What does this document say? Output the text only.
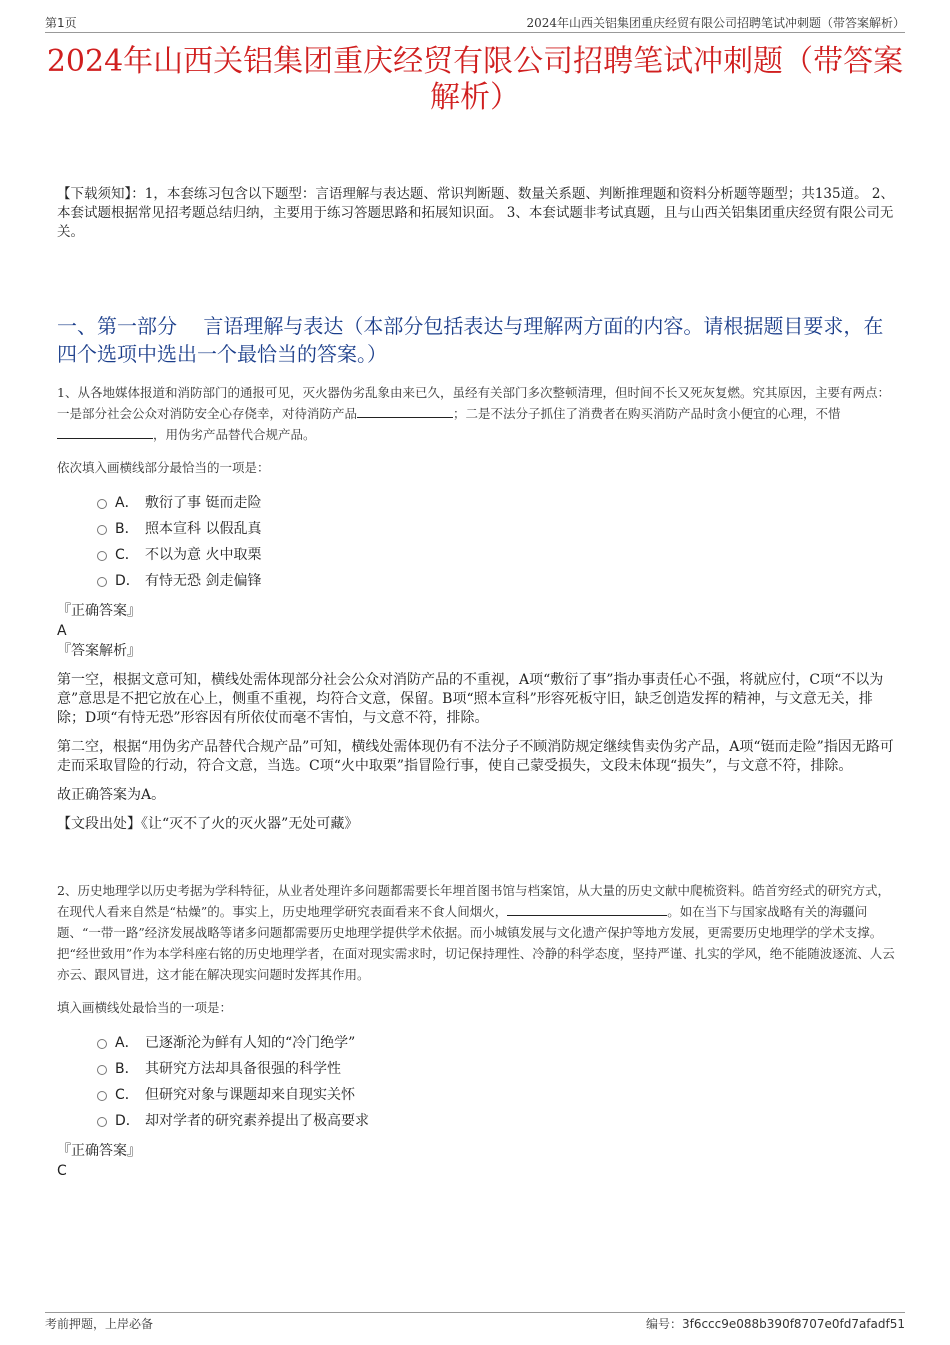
第1页	2024年山西关铝集团重庆经贸有限公司招聘笔试冲刺题（带答案解析）
2024年山西关铝集团重庆经贸有限公司招聘笔试冲刺题（带答案解析）
【下载须知】：1，本套练习包含以下题型：言语理解与表达题、常识判断题、数量关系题、判断推理题和资料分析题等题型；共135道。 2、本套试题根据常见招考题总结归纳，主要用于练习答题思路和拓展知识面。 3、本套试题非考试真题，且与山西关铝集团重庆经贸有限公司无关。
一、第一部分　 言语理解与表达（本部分包括表达与理解两方面的内容。请根据题目要求，在四个选项中选出一个最恰当的答案。）
1、从各地媒体报道和消防部门的通报可见，灭火器伪劣乱象由来已久，虽经有关部门多次整顿清理，但时间不长又死灰复燃。究其原因，主要有两点：一是部分社会公众对消防安全心存侥幸，对待消防产品	；二是不法分子抓住了消费者在购买消防产品时贪小便宜的心理，不惜，用伪劣产品替代合规产品。
依次填入画横线部分最恰当的一项是：
A． 敷衍了事 铤而走险
B． 照本宣科 以假乱真
C． 不以为意 火中取栗
D． 有恃无恐 剑走偏锋
『正确答案』
A
『答案解析』

第一空，根据文意可知，横线处需体现部分社会公众对消防产品的不重视，A项“敷衍了事”指办事责任心不强，将就应付，C项“不以为意”意思是不把它放在心上，侧重不重视，均符合文意，保留。B项“照本宣科”形容死板守旧，缺乏创造发挥的精神，与文意无关，排除；D项“有恃无恐”形容因有所依仗而毫不害怕，与文意不符，排除。

第二空，根据“用伪劣产品替代合规产品”可知，横线处需体现仍有不法分子不顾消防规定继续售卖伪劣产品，A项“铤而走险”指因无路可走而采取冒险的行动，符合文意，当选。C项“火中取栗”指冒险行事，使自己蒙受损失，文段未体现“损失”，与文意不符，排除。

故正确答案为A。

【文段出处】《让“灭不了火的灭火器”无处可藏》

2、历史地理学以历史考据为学科特征，从业者处理许多问题都需要长年埋首图书馆与档案馆，从大量的历史文献中爬梳资料。皓首穷经式的研究方式，在现代人看来自然是“枯燥”的。事实上，历史地理学研究表面看来不食人间烟火，	。如在当下与国家战略有关的海疆问题、“一带一路”经济发展战略等诸多问题都需要历史地理学提供学术依据。而小城镇发展与文化遗产保护等地方发展，更需要历史地理学的学术支撑。把“经世致用”作为本学科座右铭的历史地理学者，在面对现实需求时，切记保持理性、冷静的科学态度，坚持严谨、扎实的学风，绝不能随波逐流、人云亦云、跟风冒进，这才能在解决现实问题时发挥其作用。
填入画横线处最恰当的一项是：
A． 已逐渐沦为鲜有人知的“冷门绝学”
B． 其研究方法却具备很强的科学性
C． 但研究对象与课题却来自现实关怀
D． 却对学者的研究素养提出了极高要求
『正确答案』
C
考前押题，上岸必备	编号：3f6ccc9e088b390f8707e0fd7afadf51
